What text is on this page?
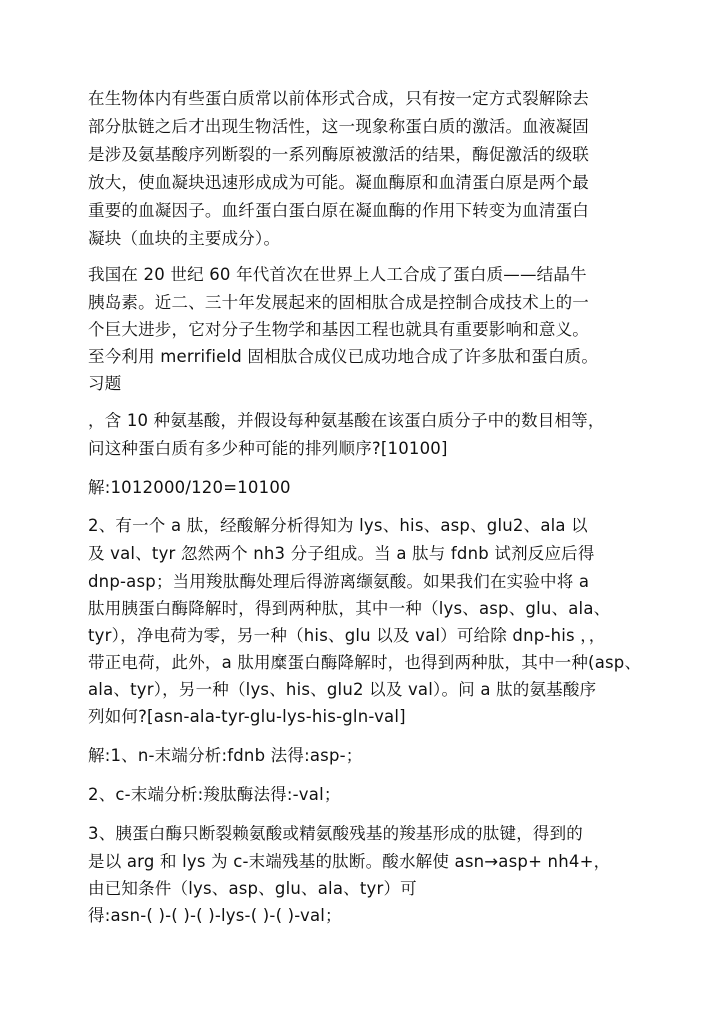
在生物体内有些蛋白质常以前体形式合成，只有按一定方式裂解除去
部分肽链之后才出现生物活性，这一现象称蛋白质的激活。血液凝固
是涉及氨基酸序列断裂的一系列酶原被激活的结果，酶促激活的级联
放大，使血凝块迅速形成成为可能。凝血酶原和血清蛋白原是两个最
重要的血凝因子。血纤蛋白蛋白原在凝血酶的作用下转变为血清蛋白
凝块（血块的主要成分）。
我国在 20 世纪 60 年代首次在世界上人工合成了蛋白质——结晶牛
胰岛素。近二、三十年发展起来的固相肽合成是控制合成技术上的一
个巨大进步，它对分子生物学和基因工程也就具有重要影响和意义。
至今利用 merrifield 固相肽合成仪已成功地合成了许多肽和蛋白质。
习题
，含 10 种氨基酸，并假设每种氨基酸在该蛋白质分子中的数目相等，
问这种蛋白质有多少种可能的排列顺序?[10100]
解:1012000/120=10100
2、有一个 a 肽，经酸解分析得知为 lys、his、asp、glu2、ala 以
及 val、tyr 忽然两个 nh3 分子组成。当 a 肽与 fdnb 试剂反应后得
dnp-asp；当用羧肽酶处理后得游离缬氨酸。如果我们在实验中将 a
肽用胰蛋白酶降解时，得到两种肽，其中一种（lys、asp、glu、ala、
tyr），净电荷为零，另一种（his、glu 以及 val）可给除 dnp-his ，，
带正电荷，此外，a 肽用糜蛋白酶降解时，也得到两种肽，其中一种(asp、
ala、tyr），另一种（lys、his、glu2 以及 val）。问 a 肽的氨基酸序
列如何?[asn-ala-tyr-glu-lys-his-gln-val]
解:1、n-末端分析:fdnb 法得:asp-；
2、c-末端分析:羧肽酶法得:-val；
3、胰蛋白酶只断裂赖氨酸或精氨酸残基的羧基形成的肽键，得到的
是以 arg 和 lys 为 c-末端残基的肽断。酸水解使 asn→asp+ nh4+，
由已知条件（lys、asp、glu、ala、tyr）可
得:asn-( )-( )-( )-lys-( )-( )-val；
